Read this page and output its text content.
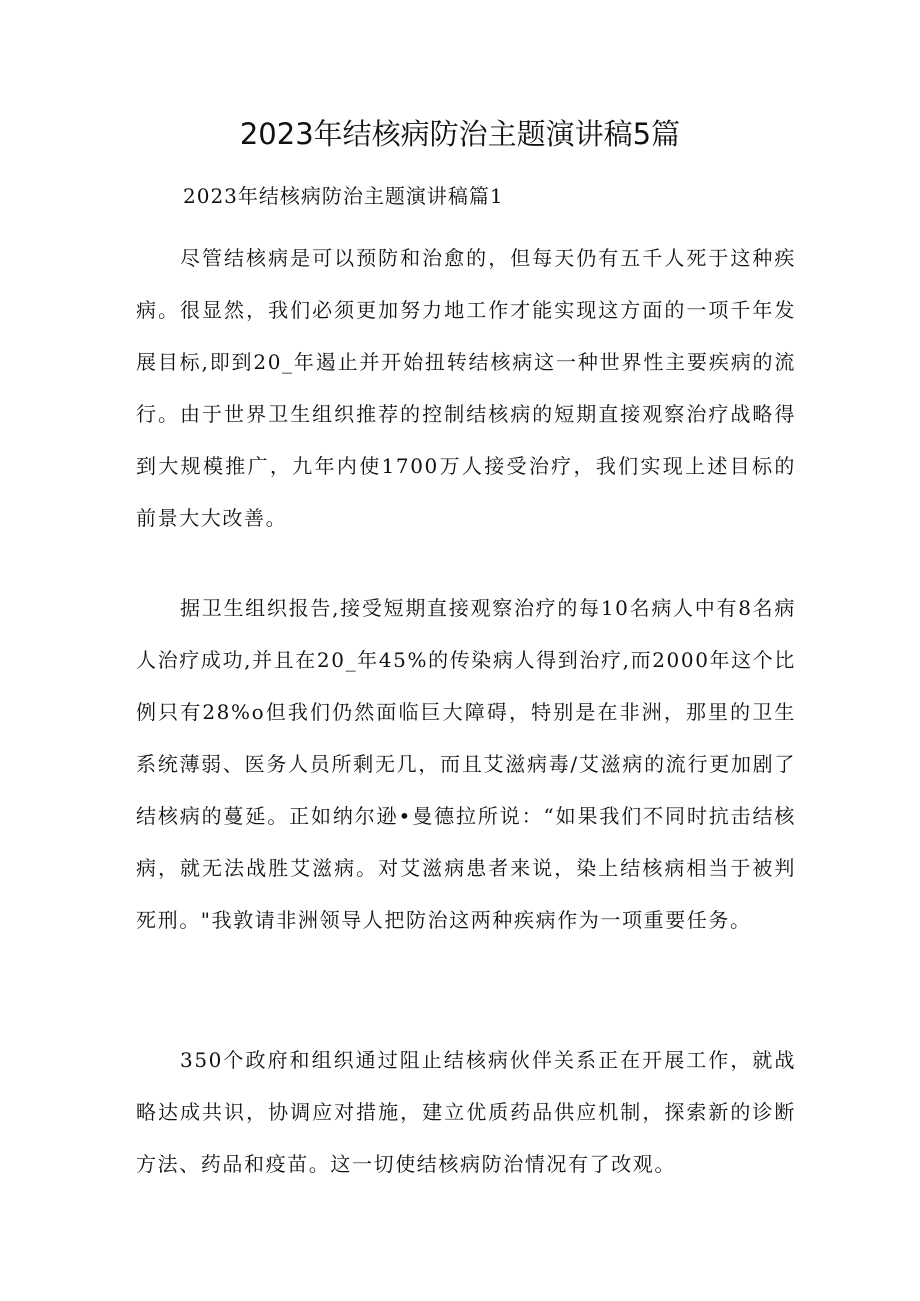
2023年结核病防治主题演讲稿5篇

2023年结核病防治主题演讲稿篇1

尽管结核病是可以预防和治愈的，但每天仍有五千人死于这种疾病。很显然，我们必须更加努力地工作才能实现这方面的一项千年发展目标,即到20_年遏止并开始扭转结核病这一种世界性主要疾病的流行。由于世界卫生组织推荐的控制结核病的短期直接观察治疗战略得到大规模推广，九年内使1700万人接受治疗，我们实现上述目标的前景大大改善。

据卫生组织报告,接受短期直接观察治疗的每10名病人中有8名病人治疗成功,并且在20_年45%的传染病人得到治疗,而2000年这个比例只有28%o但我们仍然面临巨大障碍，特别是在非洲，那里的卫生系统薄弱、医务人员所剩无几，而且艾滋病毒/艾滋病的流行更加剧了结核病的蔓延。正如纳尔逊•曼德拉所说：“如果我们不同时抗击结核病，就无法战胜艾滋病。对艾滋病患者来说，染上结核病相当于被判死刑。"我敦请非洲领导人把防治这两种疾病作为一项重要任务。

350个政府和组织通过阻止结核病伙伴关系正在开展工作，就战略达成共识，协调应对措施，建立优质药品供应机制，探索新的诊断方法、药品和疫苗。这一切使结核病防治情况有了改观。
